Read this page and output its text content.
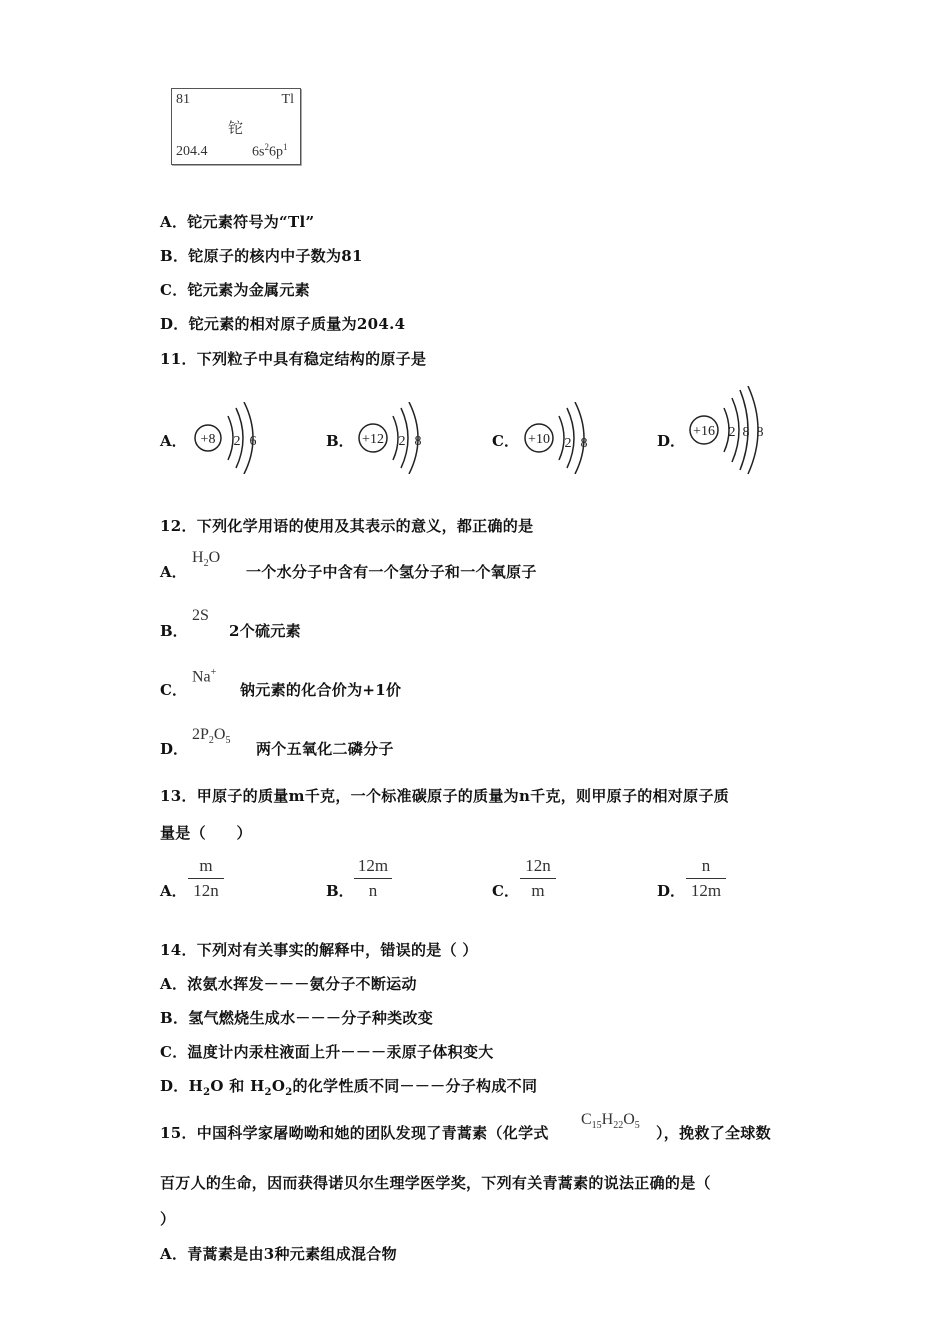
81	Tl
铊
204.4	$6s^26p^1$
A．铊元素符号为“Tl”
B．铊原子的核内中子数为81
C．铊元素为金属元素
D．铊元素的相对原子质量为204.4
11．下列粒子中具有稳定结构的原子是
A． +8 2 6	B． +12 2 8	C． +10 2 8	D．
+16 2 8 8
12．下列化学用语的使用及其表示的意义，都正确的是
A．
$H_2O$
一个水分子中含有一个氢分子和一个氧原子
B．
2S
2个硫元素
C．
Na+
钠元素的化合价为+1价
D．
$2P_2O_5$ 两个五氧化二磷分子
13．甲原子的质量m千克，一个标准碳原子的质量为n千克，则甲原子的相对原子质
量是（　　）
A． $\frac{m}{12n}$	B． $\frac{12m}{n}$	C． $\frac{12n}{m}$	D． $\frac{n}{12m}$
14．下列对有关事实的解释中，错误的是（ ）
A．浓氨水挥发－－－氨分子不断运动
B．氢气燃烧生成水－－－分子种类改变
C．温度计内汞柱液面上升－－－汞原子体积变大
D．$H_2O$ 和 $H_2O_2$的化学性质不同－－－分子构成不同
15．中国科学家屠呦呦和她的团队发现了青蒿素（化学式
$C_{15}H_{22}O_5$ ），挽救了全球数
百万人的生命，因而获得诺贝尔生理学医学奖，下列有关青蒿素的说法正确的是（
）
A．青蒿素是由3种元素组成混合物
